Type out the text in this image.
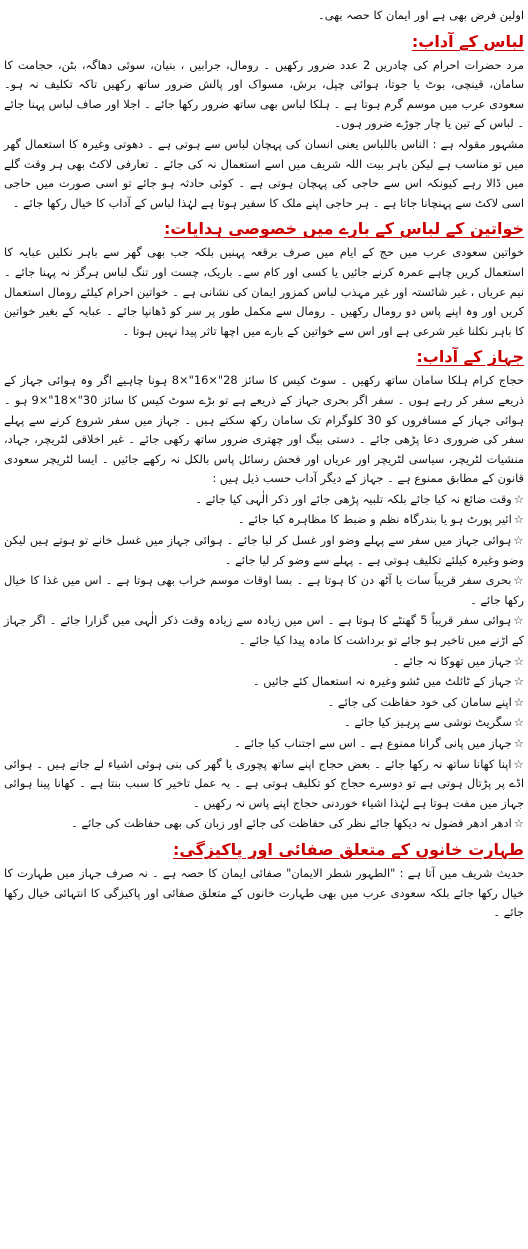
اولین فرض بھی ہے اور ایمان کا حصہ بھی۔

لباس کے آداب:

مرد حضرات احرام کی چادریں 2 عدد ضرور رکھیں ۔ رومال، جرابیں ، بنیان، سوئی دھاگہ، بٹن، حجامت کا سامان، قینچی، بوٹ یا جوتا، ہوائی چپل، برش، مسواک اور پالش ضرور ساتھ رکھیں تاکہ تکلیف نہ ہو۔ سعودی عرب میں موسم گرم ہوتا ہے ۔ ہلکا لباس بھی ساتھ ضرور رکھا جائے ۔ اجلا اور صاف لباس پہنا جائے ۔ لباس کے تین یا چار جوڑے ضرور ہوں۔

مشہور مقولہ ہے : الناس باللباس یعنی انسان کی پہچان لباس سے ہوتی ہے ۔ دھوتی وغیرہ کا استعمال گھر میں تو مناسب ہے لیکن باہر بیت اللہ شریف میں اسے استعمال نہ کی جائے ۔ تعارفی لاکٹ بھی ہر وقت گلے میں ڈالا رہے کیونکہ اس سے حاجی کی پہچان ہوتی ہے ۔ کوئی حادثہ ہو جائے تو اسی صورت میں حاجی اسی لاکٹ سے پہنچانا جاتا ہے ۔ ہر حاجی اپنے ملک کا سفیر ہوتا ہے لہٰذا لباس کے آداب کا خیال رکھا جائے ۔

خواتین کے لباس کے بارے میں خصوصی ہدایات:

خواتین سعودی عرب میں حج کے ایام میں صرف برقعہ پہنیں بلکہ جب بھی گھر سے باہر نکلیں عبایہ کا استعمال کریں چاہے عمرہ کرنے جائیں یا کسی اور کام سے۔ باریک، چست اور تنگ لباس ہرگز نہ پہنا جائے ۔ نیم عریاں ، غیر شائستہ اور غیر مہذب لباس کمزور ایمان کی نشانی ہے ۔ خواتین احرام کیلئے رومال استعمال کریں اور وہ اپنے پاس دو رومال رکھیں ۔ رومال سے مکمل طور پر سر کو ڈھانپا جائے ۔ عبایہ کے بغیر خواتین کا باہر نکلنا غیر شرعی ہے اور اس سے خواتین کے بارے میں اچھا تاثر پیدا نہیں ہوتا ۔

جہاز کے آداب:

حجاج کرام ہلکا سامان ساتھ رکھیں ۔ سوٹ کیس کا سائز 28"×16"×8 ہونا چاہیے اگر وہ ہوائی جہاز کے ذریعے سفر کر رہے ہوں ۔ سفر اگر بحری جہاز کے ذریعے ہے تو بڑے سوٹ کیس کا سائز 30"×18"×9 ہو ۔ ہوائی جہاز کے مسافروں کو 30 کلوگرام تک سامان رکھ سکتے ہیں ۔ جہاز میں سفر شروع کرنے سے پہلے سفر کی ضروری دعا پڑھی جائے ۔ دستی بیگ اور چھتری ضرور ساتھ رکھی جائے ۔ غیر اخلاقی لٹریچر، جہاد، منشیات لٹریچر، سیاسی لٹریچر اور عریاں اور فحش رسائل پاس بالکل نہ رکھے جائیں ۔ ایسا لٹریچر سعودی قانون کے مطابق ممنوع ہے ۔ جہاز کے دیگر آداب حسب ذیل ہیں :

☆وقت ضائع نہ کیا جائے بلکہ تلبیہ پڑھی جائے اور ذکر الٰہی کیا جائے ۔
☆ائیر پورٹ ہو یا بندرگاہ نظم و ضبط کا مظاہرہ کیا جائے ۔
☆ہوائی جہاز میں سفر سے پہلے وضو اور غسل کر لیا جائے ۔ ہوائی جہاز میں غسل خانے تو ہوتے ہیں لیکن وضو وغیرہ کیلئے تکلیف ہوتی ہے ۔ پہلے سے وضو کر لیا جائے ۔
☆بحری سفر قریباً سات یا آٹھ دن کا ہوتا ہے ۔ بسا اوقات موسم خراب بھی ہوتا ہے ۔ اس میں غذا کا خیال رکھا جائے ۔
☆ہوائی سفر قریباً 5 گھنٹے کا ہوتا ہے ۔ اس میں زیادہ سے زیادہ وقت ذکر الٰہی میں گزارا جائے ۔ اگر جہاز کے اڑنے میں تاخیر ہو جائے تو برداشت کا مادہ پیدا کیا جائے ۔
☆جہاز میں تھوکا نہ جائے ۔
☆جہاز کے ٹائلٹ میں ٹشو وغیرہ نہ استعمال کئے جائیں ۔
☆اپنے سامان کی خود حفاظت کی جائے ۔
☆سگریٹ نوشی سے پرہیز کیا جائے ۔
☆جہاز میں پانی گرانا ممنوع ہے ۔ اس سے اجتناب کیا جائے ۔
☆اپنا کھانا ساتھ نہ رکھا جائے ۔ بعض حجاج اپنے ساتھ پچوری یا گھر کی بنی ہوئی اشیاء لے جاتے ہیں ۔ ہوائی اڈے پر پڑتال ہوتی ہے تو دوسرے حجاج کو تکلیف ہوتی ہے ۔ یہ عمل تاخیر کا سبب بنتا ہے ۔ کھانا پینا ہوائی جہاز میں مفت ہوتا ہے لہٰذا اشیاء خوردنی حجاج اپنے پاس نہ رکھیں ۔
☆ادھر ادھر فضول نہ دیکھا جائے نظر کی حفاظت کی جائے اور زبان کی بھی حفاظت کی جائے ۔
طہارت خانوں کے متعلق صفائی اور پاکیزگی:

حدیث شریف میں آتا ہے : "الطہور شطر الایمان" صفائی ایمان کا حصہ ہے ۔ نہ صرف جہاز میں طہارت کا خیال رکھا جائے بلکہ سعودی عرب میں بھی طہارت خانوں کے متعلق صفائی اور پاکیزگی کا انتہائی خیال رکھا جائے ۔
